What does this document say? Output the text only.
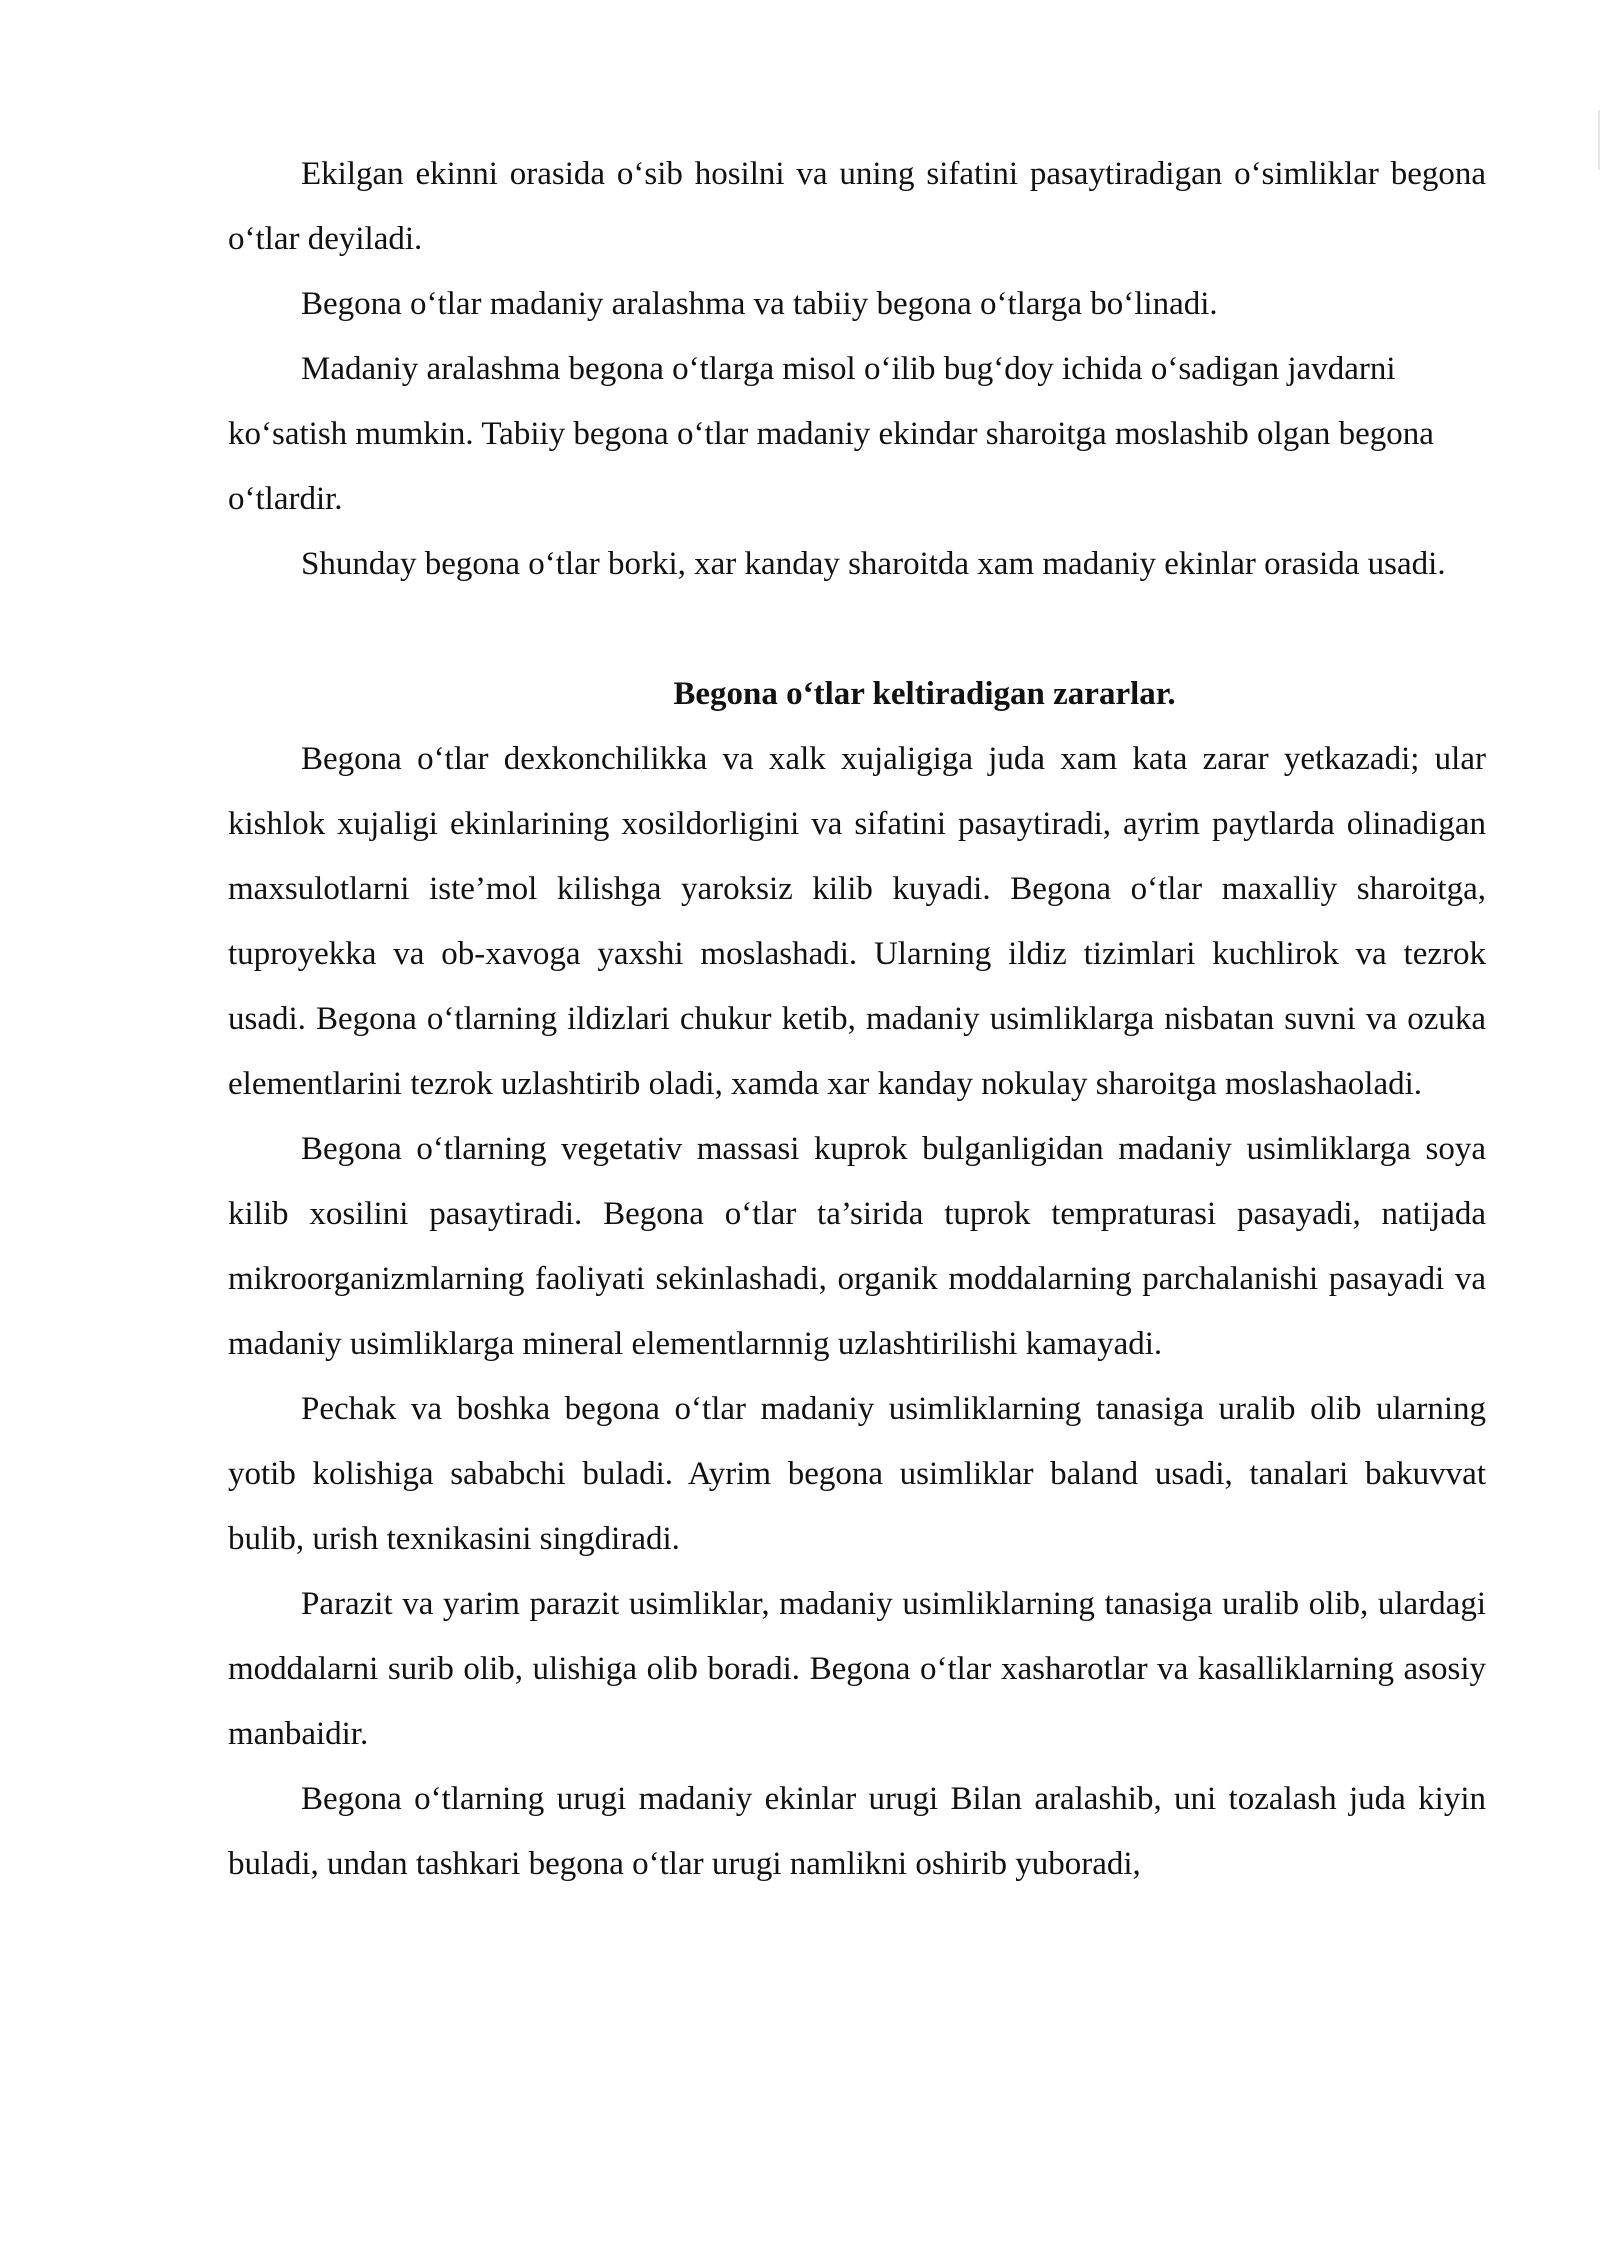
Ekilgan ekinni orasida o‘sib hosilni va uning sifatini pasaytiradigan o‘simliklar begona o‘tlar deyiladi.

Begona o‘tlar madaniy aralashma va tabiiy begona o‘tlarga bo‘linadi.

Madaniy aralashma begona o‘tlarga misol o‘ilib bug‘doy ichida o‘sadigan javdarni ko‘satish mumkin. Tabiiy begona o‘tlar madaniy ekindar sharoitga moslashib olgan begona o‘tlardir.

Shunday begona o‘tlar borki, xar kanday sharoitda xam madaniy ekinlar orasida usadi.

Begona o‘tlar keltiradigan zararlar.

Begona o‘tlar dexkonchilikka va xalk xujaligiga juda xam kata zarar yetkazadi; ular kishlok xujaligi ekinlarining xosildorligini va sifatini pasaytiradi, ayrim paytlarda olinadigan maxsulotlarni iste’mol kilishga yaroksiz kilib kuyadi. Begona o‘tlar maxalliy sharoitga, tuproyekka va ob-xavoga yaxshi moslashadi. Ularning ildiz tizimlari kuchlirok va tezrok usadi. Begona o‘tlarning ildizlari chukur ketib, madaniy usimliklarga nisbatan suvni va ozuka elementlarini tezrok uzlashtirib oladi, xamda xar kanday nokulay sharoitga moslashaoladi.

Begona o‘tlarning vegetativ massasi kuprok bulganligidan madaniy usimliklarga soya kilib xosilini pasaytiradi. Begona o‘tlar ta’sirida tuprok tempraturasi pasayadi, natijada mikroorganizmlarning faoliyati sekinlashadi, organik moddalarning parchalanishi pasayadi va madaniy usimliklarga mineral elementlarnnig uzlashtirilishi kamayadi.

Pechak va boshka begona o‘tlar madaniy usimliklarning tanasiga uralib olib ularning yotib kolishiga sababchi buladi. Ayrim begona usimliklar baland usadi, tanalari bakuvvat bulib, urish texnikasini singdiradi.

Parazit va yarim parazit usimliklar, madaniy usimliklarning tanasiga uralib olib, ulardagi moddalarni surib olib, ulishiga olib boradi. Begona o‘tlar xasharotlar va kasalliklarning asosiy manbaidir.

Begona o‘tlarning urugi madaniy ekinlar urugi Bilan aralashib, uni tozalash juda kiyin buladi, undan tashkari begona o‘tlar urugi namlikni oshirib yuboradi,
